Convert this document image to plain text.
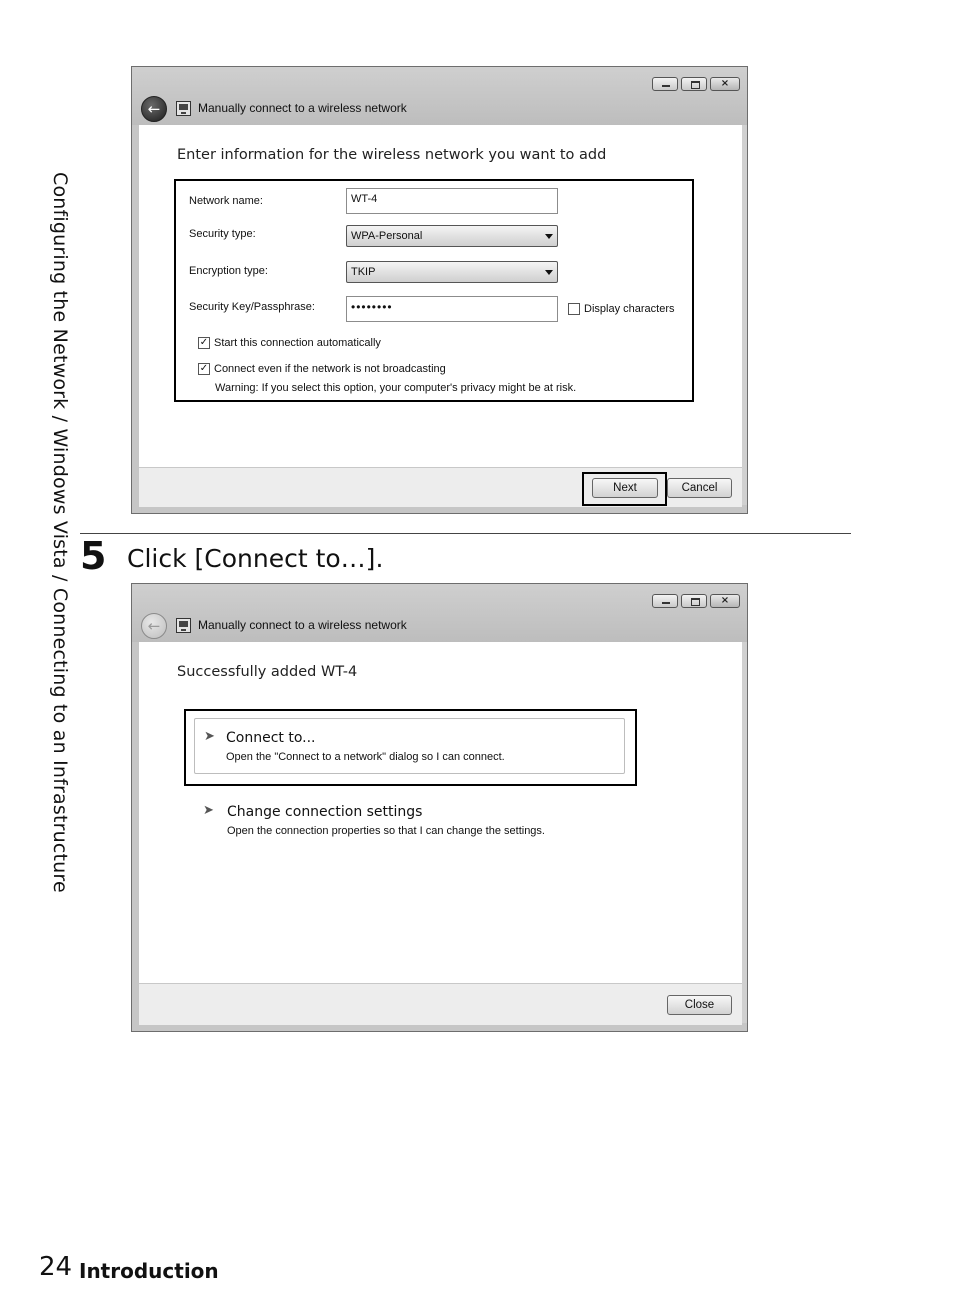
Configuring the Network / Windows Vista / Connecting to an Infrastructure
×
←	Manually connect to a wireless network
Enter information for the wireless network you want to add
Network name:	WT-4
Security type:	WPA-Personal
Encryption type:	TKIP
Security Key/Passphrase:	••••••••	Display characters
✓ Start this connection automatically
✓ Connect even if the network is not broadcasting
Warning: If you select this option, your computer's privacy might be at risk.
Next	Cancel
5 Click [Connect to…].
×
←	Manually connect to a wireless network
Successfully added WT-4
➤ Connect to...
Open the "Connect to a network" dialog so I can connect.
➤ Change connection settings
Open the connection properties so that I can change the settings.
Close
24 Introduction
